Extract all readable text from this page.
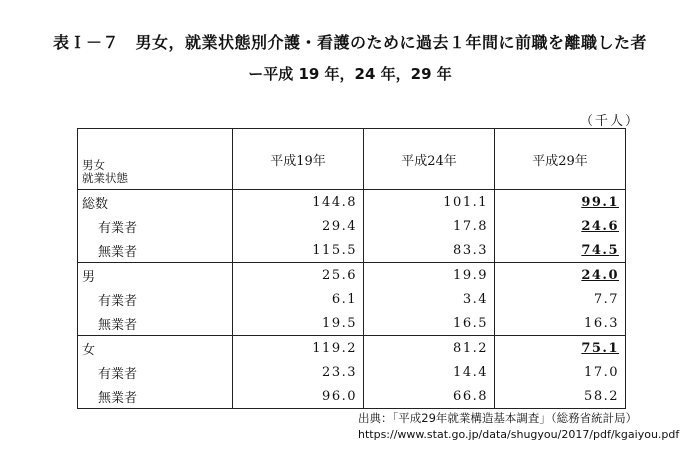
表Ｉ－７　男女，就業状態別介護・看護のために過去１年間に前職を離職した者
ー平成 19 年，24 年，29 年
（千人）
男女
就業状態	平成19年	平成24年	平成29年
総数	144.8	101.1	99.1
有業者	29.4	17.8	24.6
無業者	115.5	83.3	74.5
男	25.6	19.9	24.0
有業者	6.1	3.4	7.7
無業者	19.5	16.5	16.3
女	119.2	81.2	75.1
有業者	23.3	14.4	17.0
無業者	96.0	66.8	58.2
出典：｢平成29年就業構造基本調査｣（総務省統計局）
https://www.stat.go.jp/data/shugyou/2017/pdf/kgaiyou.pdf
